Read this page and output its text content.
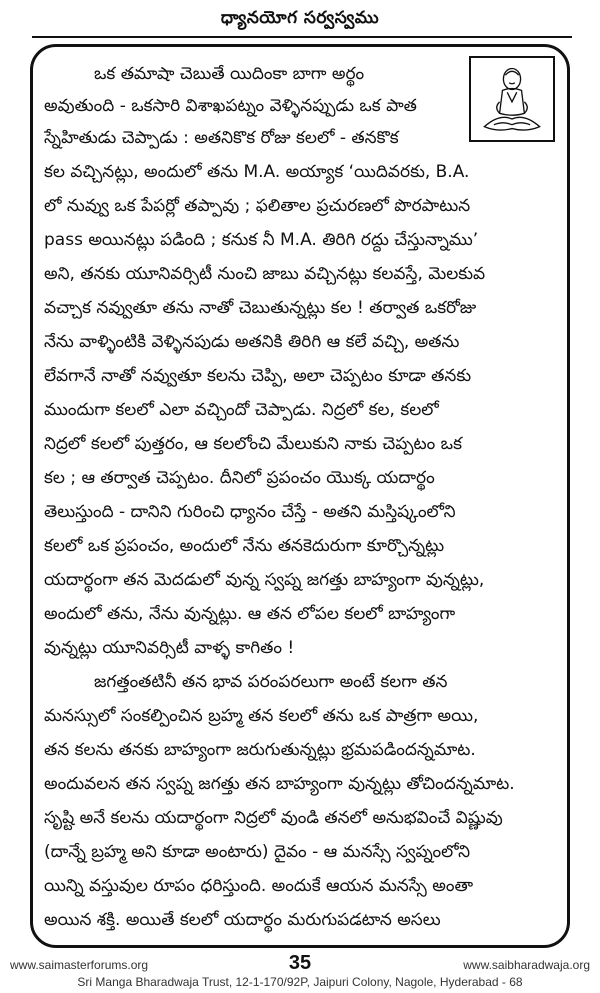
ధ్యానయోగ సర్వస్వము
ఒక తమాషా చెబుతే యిదింకా బాగా అర్థం
అవుతుంది - ఒకసారి విశాఖపట్నం వెళ్ళినప్పుడు ఒక పాత
స్నేహితుడు చెప్పాడు : అతనికొక రోజు కలలో - తనకొక
కల వచ్చినట్లు, అందులో తను M.A. అయ్యాక ‘యిదివరకు, B.A.
లో నువ్వు ఒక పేపర్లో తప్పావు ; ఫలితాల ప్రచురణలో పొరపాటున
pass అయినట్లు పడింది ; కనుక నీ M.A. తిరిగి రద్దు చేస్తున్నాము’
అని, తనకు యూనివర్సిటీ నుంచి జాబు వచ్చినట్లు కలవస్తే, మెలకువ
వచ్చాక నవ్వుతూ తను నాతో చెబుతున్నట్లు కల ! తర్వాత ఒకరోజు
నేను వాళ్ళింటికి వెళ్ళినపుడు అతనికి తిరిగి ఆ కలే వచ్చి, అతను
లేవగానే నాతో నవ్వుతూ కలను చెప్పి, అలా చెప్పటం కూడా తనకు
ముందుగా కలలో ఎలా వచ్చిందో చెప్పాడు. నిద్రలో కల, కలలో
నిద్రలో కలలో పుత్తరం, ఆ కలలోంచి మేలుకుని నాకు చెప్పటం ఒక
కల ; ఆ తర్వాత చెప్పటం. దీనిలో ప్రపంచం యొక్క యదార్థం
తెలుస్తుంది - దానిని గురించి ధ్యానం చేస్తే - అతని మస్తిష్కంలోని
కలలో ఒక ప్రపంచం, అందులో నేను తనకెదురుగా కూర్చొన్నట్లు
యదార్థంగా తన మెదడులో వున్న స్వప్న జగత్తు బాహ్యంగా వున్నట్లు,
అందులో తను, నేను వున్నట్లు. ఆ తన లోపల కలలో బాహ్యంగా
వున్నట్లు యూనివర్సిటీ వాళ్ళ కాగితం !
జగత్తంతటినీ తన భావ పరంపరలుగా అంటే కలగా తన
మనస్సులో సంకల్పించిన బ్రహ్మ తన కలలో తను ఒక పాత్రగా అయి,
తన కలను తనకు బాహ్యంగా జరుగుతున్నట్లు భ్రమపడిందన్నమాట.
అందువలన తన స్వప్న జగత్తు తన బాహ్యంగా వున్నట్లు తోచిందన్నమాట.
సృష్టి అనే కలను యదార్థంగా నిద్రలో వుండి తనలో అనుభవించే విష్ణువు
(దాన్నే బ్రహ్మ అని కూడా అంటారు) దైవం - ఆ మనస్సే స్వప్నంలోని
యిన్ని వస్తువుల రూపం ధరిస్తుంది. అందుకే ఆయన మనస్సే అంతా
అయిన శక్తి. అయితే కలలో యదార్థం మరుగుపడటాన అసలు
www.saimasterforums.org	35	www.saibharadwaja.org
Sri Manga Bharadwaja Trust, 12-1-170/92P, Jaipuri Colony, Nagole, Hyderabad - 68
